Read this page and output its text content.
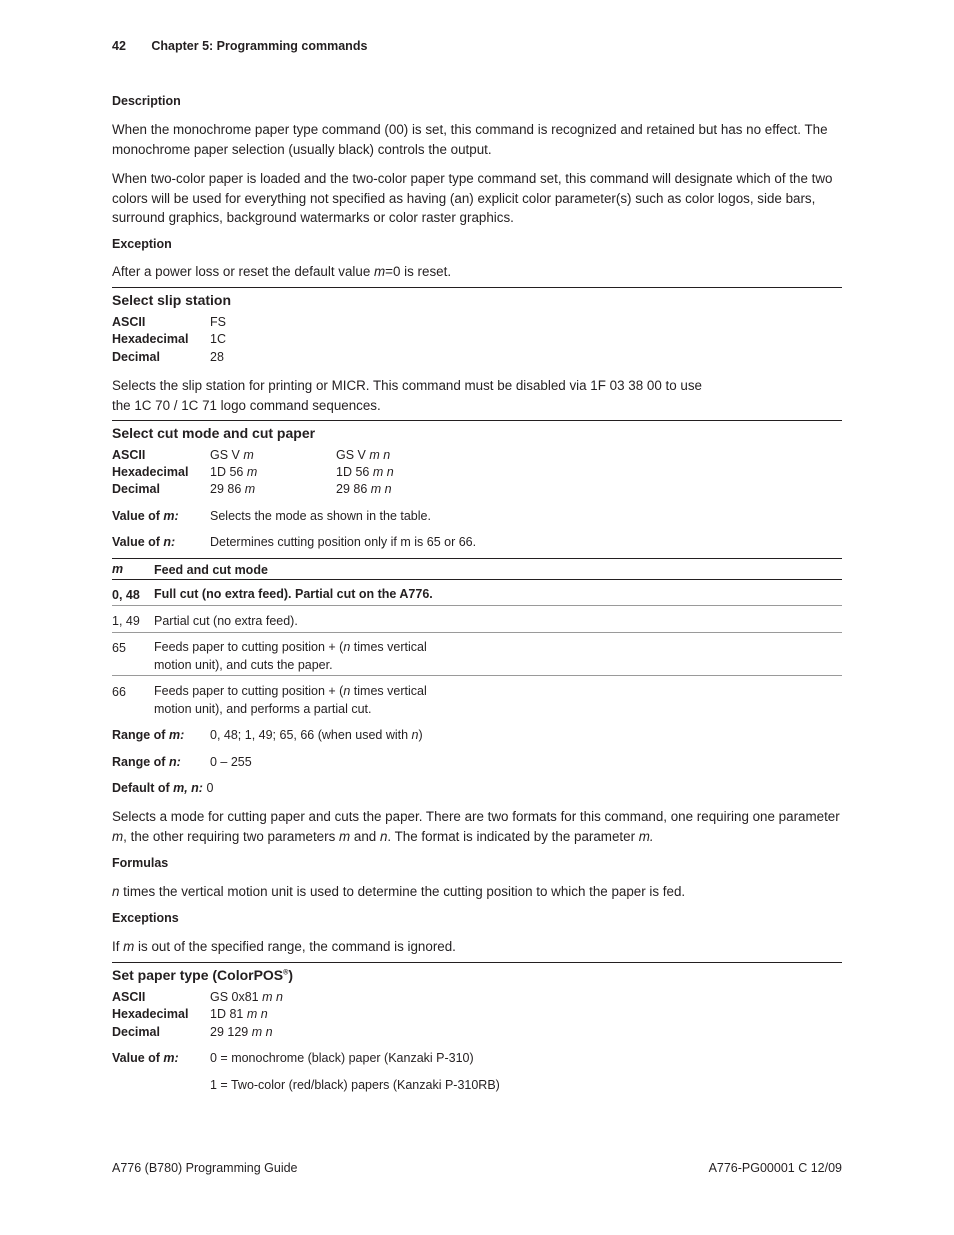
42 Chapter 5: Programming commands
Description
When the monochrome paper type command (00) is set, this command is recognized and retained but has no effect. The monochrome paper selection (usually black) controls the output.
When two-color paper is loaded and the two-color paper type command set, this command will designate which of the two colors will be used for everything not specified as having (an) explicit color parameter(s) such as color logos, side bars, surround graphics, background watermarks or color raster graphics.
Exception
After a power loss or reset the default value m=0 is reset.
Select slip station
ASCII	FS
Hexadecimal 1C
Decimal	28
Selects the slip station for printing or MICR. This command must be disabled via 1F 03 38 00 to use the 1C 70 / 1C 71 logo command sequences.
Select cut mode and cut paper
ASCII	GS V m	GS V m n
Hexadecimal 1D 56 m	1D 56 m n
Decimal	29 86 m	29 86 m n
Value of m:	Selects the mode as shown in the table.
Value of n:	Determines cutting position only if m is 65 or 66.
m Feed and cut mode
0, 48 Full cut (no extra feed). Partial cut on the A776.
1, 49 Partial cut (no extra feed).
65 Feeds paper to cutting position + (n times vertical
motion unit), and cuts the paper.
66 Feeds paper to cutting position + (n times vertical
motion unit), and performs a partial cut.
Range of m: 0, 48; 1, 49; 65, 66 (when used with n)
Range of n: 0 – 255
Default of m, n: 0
Selects a mode for cutting paper and cuts the paper. There are two formats for this command, one requiring one parameter m, the other requiring two parameters m and n. The format is indicated by the parameter m.
Formulas
n times the vertical motion unit is used to determine the cutting position to which the paper is fed.
Exceptions
If m is out of the specified range, the command is ignored.
Set paper type (ColorPOS®)
ASCII	GS 0x81 m n
Hexadecimal 1D 81 m n
Decimal	29 129 m n
Value of m:	0 = monochrome (black) paper (Kanzaki P-310)
1 = Two-color (red/black) papers (Kanzaki P-310RB)
A776 (B780) Programming Guide	A776-PG00001 C 12/09
